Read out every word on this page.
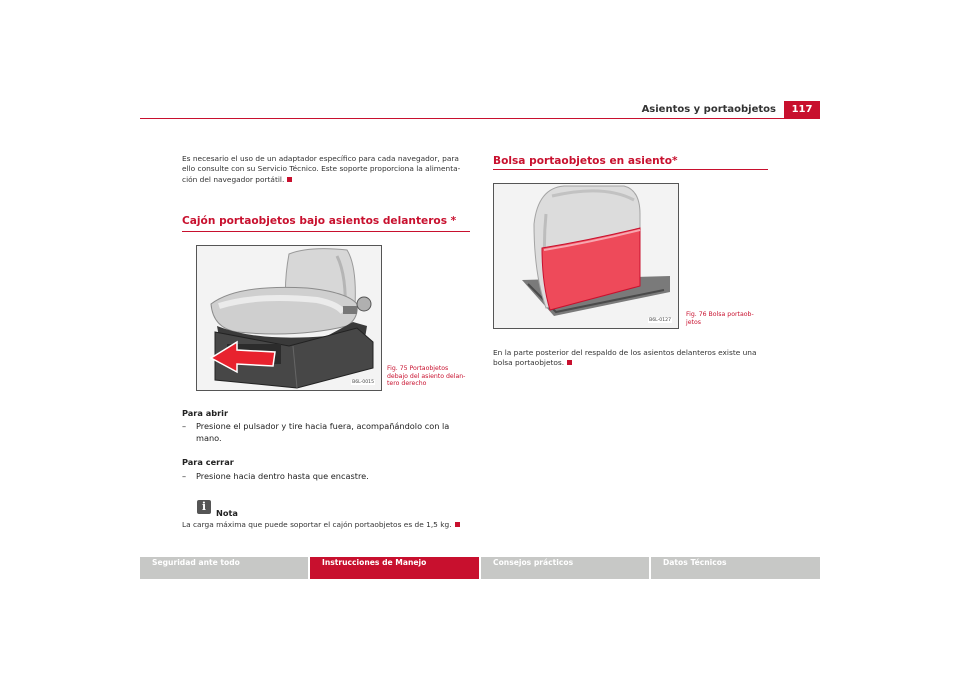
Asientos y portaobjetos	117
Es necesario el uso de un adaptador específico para cada navegador, para ello consulte con su Servicio Técnico. Este soporte proporciona la alimenta-ción del navegador portátil.
Cajón portaobjetos bajo asientos delanteros *
B6L-0015
Fig. 75 Portaobjetos debajo del asiento delan-tero derecho
Para abrir
–	Presione el pulsador y tire hacia fuera, acompañándolo con la mano.
Para cerrar
–	Presione hacia dentro hasta que encastre.
i	Nota
La carga máxima que puede soportar el cajón portaobjetos es de 1,5 kg.
Bolsa portaobjetos en asiento*
B6L-0127
Fig. 76 Bolsa portaob-jetos
En la parte posterior del respaldo de los asientos delanteros existe una bolsa portaobjetos.
Seguridad ante todo	Instrucciones de Manejo	Consejos prácticos	Datos Técnicos
